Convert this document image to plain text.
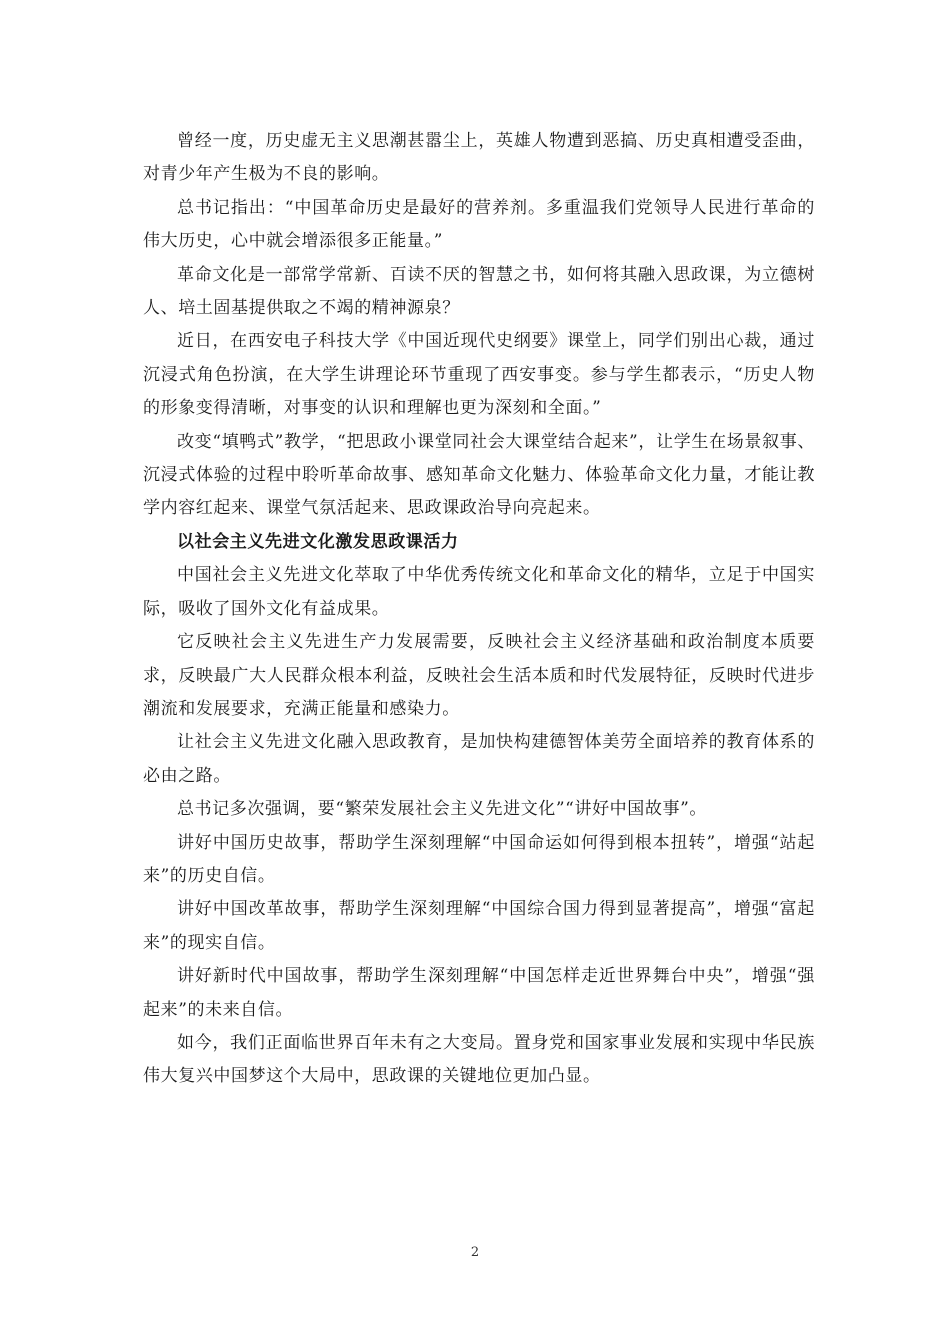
曾经一度，历史虚无主义思潮甚嚣尘上，英雄人物遭到恶搞、历史真相遭受歪曲，对青少年产生极为不良的影响。

总书记指出：“中国革命历史是最好的营养剂。多重温我们党领导人民进行革命的伟大历史，心中就会增添很多正能量。”

革命文化是一部常学常新、百读不厌的智慧之书，如何将其融入思政课，为立德树人、培土固基提供取之不竭的精神源泉？

近日，在西安电子科技大学《中国近现代史纲要》课堂上，同学们别出心裁，通过沉浸式角色扮演，在大学生讲理论环节重现了西安事变。参与学生都表示，“历史人物的形象变得清晰，对事变的认识和理解也更为深刻和全面。”

改变“填鸭式”教学，“把思政小课堂同社会大课堂结合起来”，让学生在场景叙事、沉浸式体验的过程中聆听革命故事、感知革命文化魅力、体验革命文化力量，才能让教学内容红起来、课堂气氛活起来、思政课政治导向亮起来。

以社会主义先进文化激发思政课活力

中国社会主义先进文化萃取了中华优秀传统文化和革命文化的精华，立足于中国实际，吸收了国外文化有益成果。

它反映社会主义先进生产力发展需要，反映社会主义经济基础和政治制度本质要求，反映最广大人民群众根本利益，反映社会生活本质和时代发展特征，反映时代进步潮流和发展要求，充满正能量和感染力。

让社会主义先进文化融入思政教育，是加快构建德智体美劳全面培养的教育体系的必由之路。

总书记多次强调，要“繁荣发展社会主义先进文化”“讲好中国故事”。

讲好中国历史故事，帮助学生深刻理解“中国命运如何得到根本扭转”，增强“站起来”的历史自信。

讲好中国改革故事，帮助学生深刻理解“中国综合国力得到显著提高”，增强“富起来”的现实自信。

讲好新时代中国故事，帮助学生深刻理解“中国怎样走近世界舞台中央”，增强“强起来”的未来自信。

如今，我们正面临世界百年未有之大变局。置身党和国家事业发展和实现中华民族伟大复兴中国梦这个大局中，思政课的关键地位更加凸显。

2
